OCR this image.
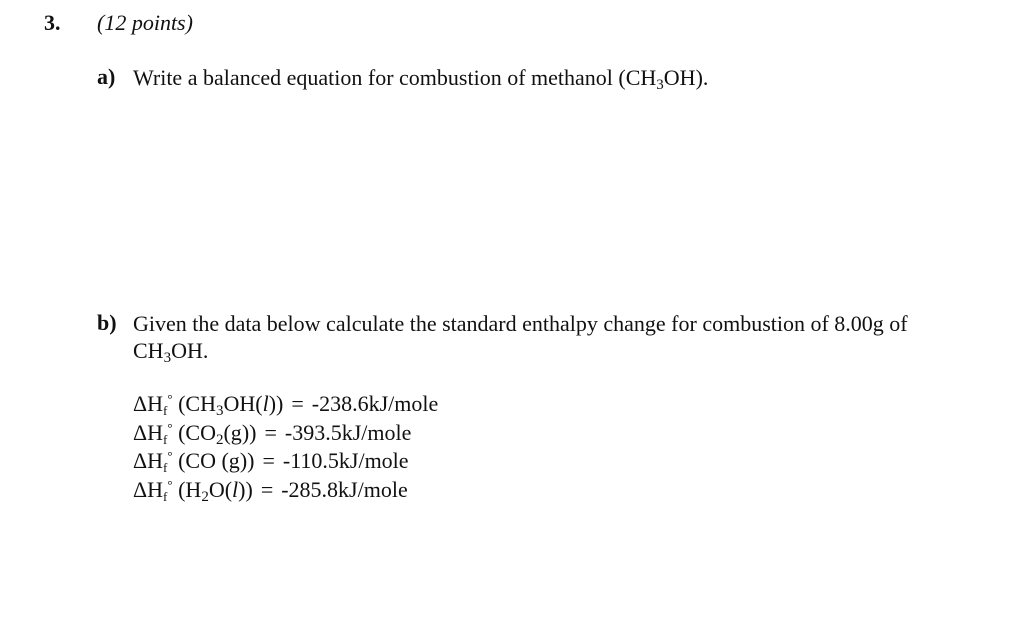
3. (12 points)
a) Write a balanced equation for combustion of methanol $(CH_3OH)$.
b) Given the data below calculate the standard enthalpy change for combustion of 8.00g of
$CH_3OH$.
$\Delta H_f^\circ$ $(CH_3OH(l))$ = -238.6kJ/mole
$\Delta H_f^\circ$ $(CO_2(g))$ = -393.5kJ/mole
$\Delta H_f^\circ$ (CO (g)) = -110.5kJ/mole
$\Delta H_f^\circ$ $(H_2O(l))$ = -285.8kJ/mole
